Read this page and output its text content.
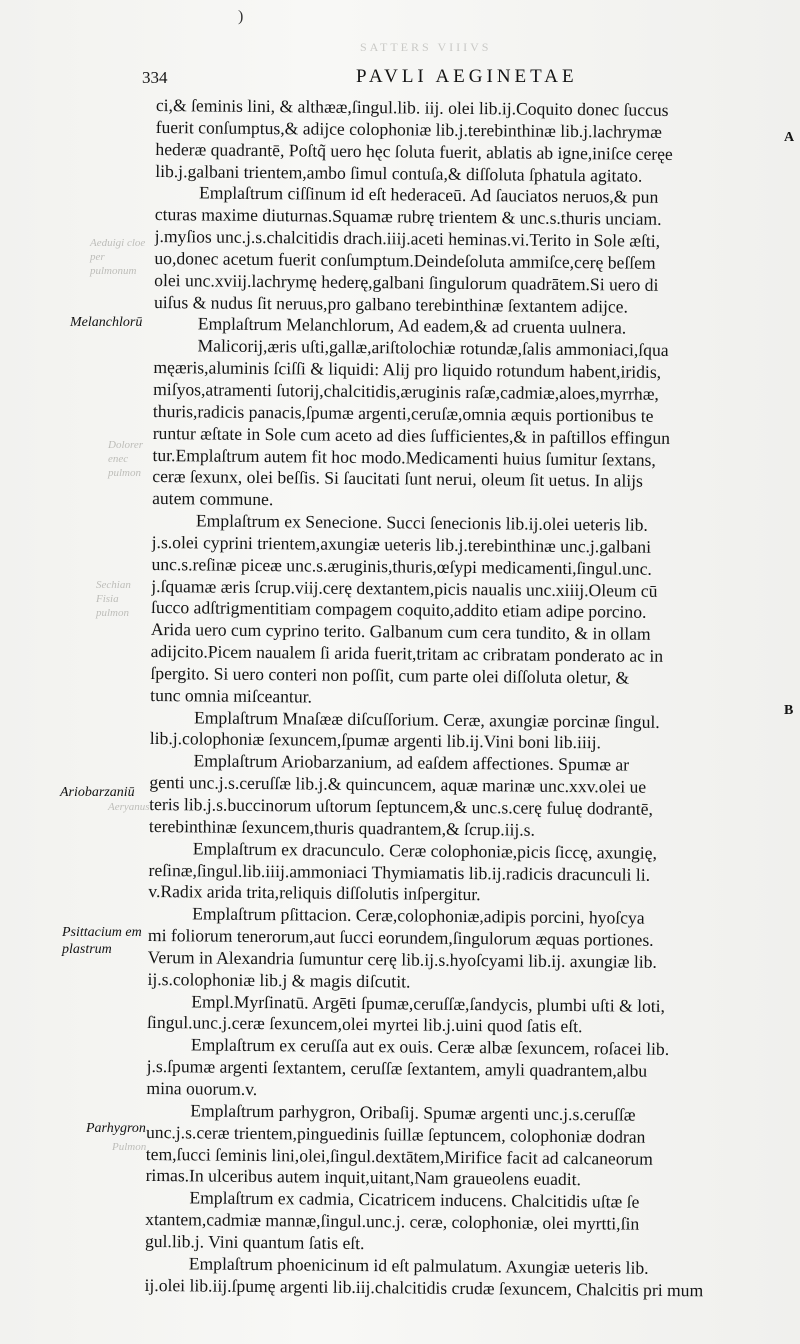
)
SATTERS VIIIVS
334	PAVLI AEGINETAE
Aeduigi cloe per pulmonum
Dolorer enec pulmon
Sechian Fisia pulmon
Aeryanus
Pulmon
Melanchlorū
Ariobarzaniū
Psittacium em plastrum
Parhygron
A
B
ci,& ſeminis lini, & althææ,ſingul.lib. iij. olei lib.ij.Coquito donec ſuccus
fuerit conſumptus,& adijce colophoniæ lib.j.terebinthinæ lib.j.lachrymæ
hederæ quadrantē, Poſtq̃ uero hęc ſoluta fuerit, ablatis ab igne,iniſce ceręe
lib.j.galbani trientem,ambo ſimul contuſa,& diſſoluta ſphatula agitato.
Emplaſtrum ciſſinum id eſt hederaceū. Ad ſauciatos neruos,& pun
cturas maxime diuturnas.Squamæ rubrę trientem & unc.s.thuris unciam.
j.myſios unc.j.s.chalcitidis drach.iiij.aceti heminas.vi.Terito in Sole æſti,
uo,donec acetum fuerit conſumptum.Deindeſoluta ammiſce,cerę beſſem
olei unc.xviij.lachrymę hederę,galbani ſingulorum quadrātem.Si uero di
uiſus & nudus ſit neruus,pro galbano terebinthinæ ſextantem adijce.
Emplaſtrum Melanchlorum, Ad eadem,& ad cruenta uulnera.
Malicorij,æris uſti,gallæ,ariſtolochiæ rotundæ,ſalis ammoniaci,ſqua
męæris,aluminis ſciſſi & liquidi: Alij pro liquido rotundum habent,iridis,
miſyos,atramenti ſutorij,chalcitidis,æruginis raſæ,cadmiæ,aloes,myrrhæ,
thuris,radicis panacis,ſpumæ argenti,ceruſæ,omnia æquis portionibus te
runtur æſtate in Sole cum aceto ad dies ſufficientes,& in paſtillos effingun
tur.Emplaſtrum autem fit hoc modo.Medicamenti huius ſumitur ſextans,
ceræ ſexunx, olei beſſis. Si ſaucitati ſunt nerui, oleum ſit uetus. In alijs
autem commune.
Emplaſtrum ex Senecione. Succi ſenecionis lib.ij.olei ueteris lib.
j.s.olei cyprini trientem,axungiæ ueteris lib.j.terebinthinæ unc.j.galbani
unc.s.reſinæ piceæ unc.s.æruginis,thuris,œſypi medicamenti,ſingul.unc.
j.ſquamæ æris ſcrup.viij.cerę dextantem,picis naualis unc.xiiij.Oleum cū
ſucco adſtrigmentitiam compagem coquito,addito etiam adipe porcino.
Arida uero cum cyprino terito. Galbanum cum cera tundito, & in ollam
adijcito.Picem naualem ſi arida fuerit,tritam ac cribratam ponderato ac in
ſpergito. Si uero conteri non poſſit, cum parte olei diſſoluta oletur, &
tunc omnia miſceantur.
Emplaſtrum Mnaſææ diſcuſſorium. Ceræ, axungiæ porcinæ ſingul.
lib.j.colophoniæ ſexuncem,ſpumæ argenti lib.ij.Vini boni lib.iiij.
Emplaſtrum Ariobarzanium, ad eaſdem affectiones. Spumæ ar
genti unc.j.s.ceruſſæ lib.j.& quincuncem, aquæ marinæ unc.xxv.olei ue
teris lib.j.s.buccinorum uſtorum ſeptuncem,& unc.s.cerę fuluę dodrantē,
terebinthinæ ſexuncem,thuris quadrantem,& ſcrup.iij.s.
Emplaſtrum ex dracunculo. Ceræ colophoniæ,picis ſiccę, axungię,
reſinæ,ſingul.lib.iiij.ammoniaci Thymiamatis lib.ij.radicis dracunculi li.
v.Radix arida trita,reliquis diſſolutis inſpergitur.
Emplaſtrum pſittacion. Ceræ,colophoniæ,adipis porcini, hyoſcya
mi foliorum tenerorum,aut ſucci eorundem,ſingulorum æquas portiones.
Verum in Alexandria ſumuntur cerę lib.ij.s.hyoſcyami lib.ij. axungiæ lib.
ij.s.colophoniæ lib.j & magis diſcutit.
Empl.Myrſinatū. Argēti ſpumæ,ceruſſæ,ſandycis, plumbi uſti & loti,
ſingul.unc.j.ceræ ſexuncem,olei myrtei lib.j.uini quod ſatis eſt.
Emplaſtrum ex ceruſſa aut ex ouis. Ceræ albæ ſexuncem, roſacei lib.
j.s.ſpumæ argenti ſextantem, ceruſſæ ſextantem, amyli quadrantem,albu
mina ouorum.v.
Emplaſtrum parhygron, Oribaſij. Spumæ argenti unc.j.s.ceruſſæ
unc.j.s.ceræ trientem,pinguedinis ſuillæ ſeptuncem, colophoniæ dodran
tem,ſucci ſeminis lini,olei,ſingul.dextātem,Mirifice facit ad calcaneorum
rimas.In ulceribus autem inquit,uitant,Nam graueolens euadit.
Emplaſtrum ex cadmia, Cicatricem inducens. Chalcitidis uſtæ ſe
xtantem,cadmiæ mannæ,ſingul.unc.j. ceræ, colophoniæ, olei myrtti,ſin
gul.lib.j. Vini quantum ſatis eſt.
Emplaſtrum phoenicinum id eſt palmulatum. Axungiæ ueteris lib.
ij.olei lib.iij.ſpumę argenti lib.iij.chalcitidis crudæ ſexuncem, Chalcitis pri mum
